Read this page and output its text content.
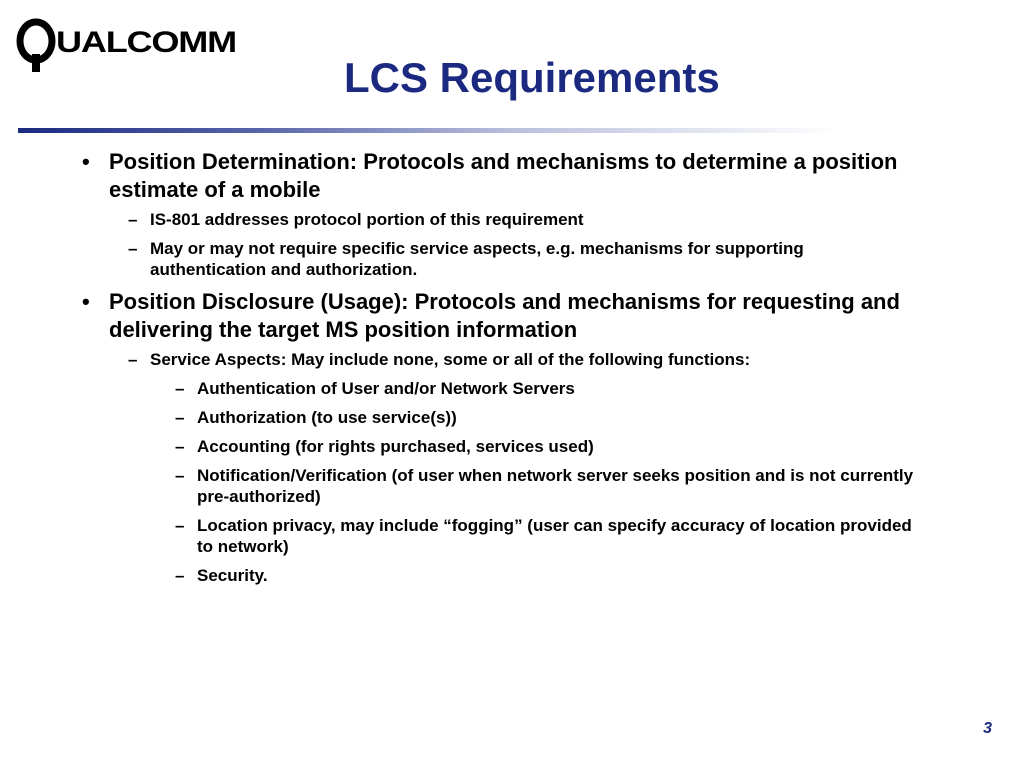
UALCOMM
LCS Requirements
• Position Determination: Protocols and mechanisms to determine a position estimate of a mobile
– IS-801 addresses protocol portion of this requirement
– May or may not require specific service aspects, e.g. mechanisms for supporting authentication and authorization.
• Position Disclosure (Usage): Protocols and mechanisms for requesting and delivering the target MS position information
– Service Aspects: May include none, some or all of the following functions:
– Authentication of User and/or Network Servers
– Authorization (to use service(s))
– Accounting (for rights purchased, services used)
– Notification/Verification (of user when network server seeks position and is not currently pre-authorized)
– Location privacy, may include “fogging” (user can specify accuracy of location provided to network)
– Security.
3
